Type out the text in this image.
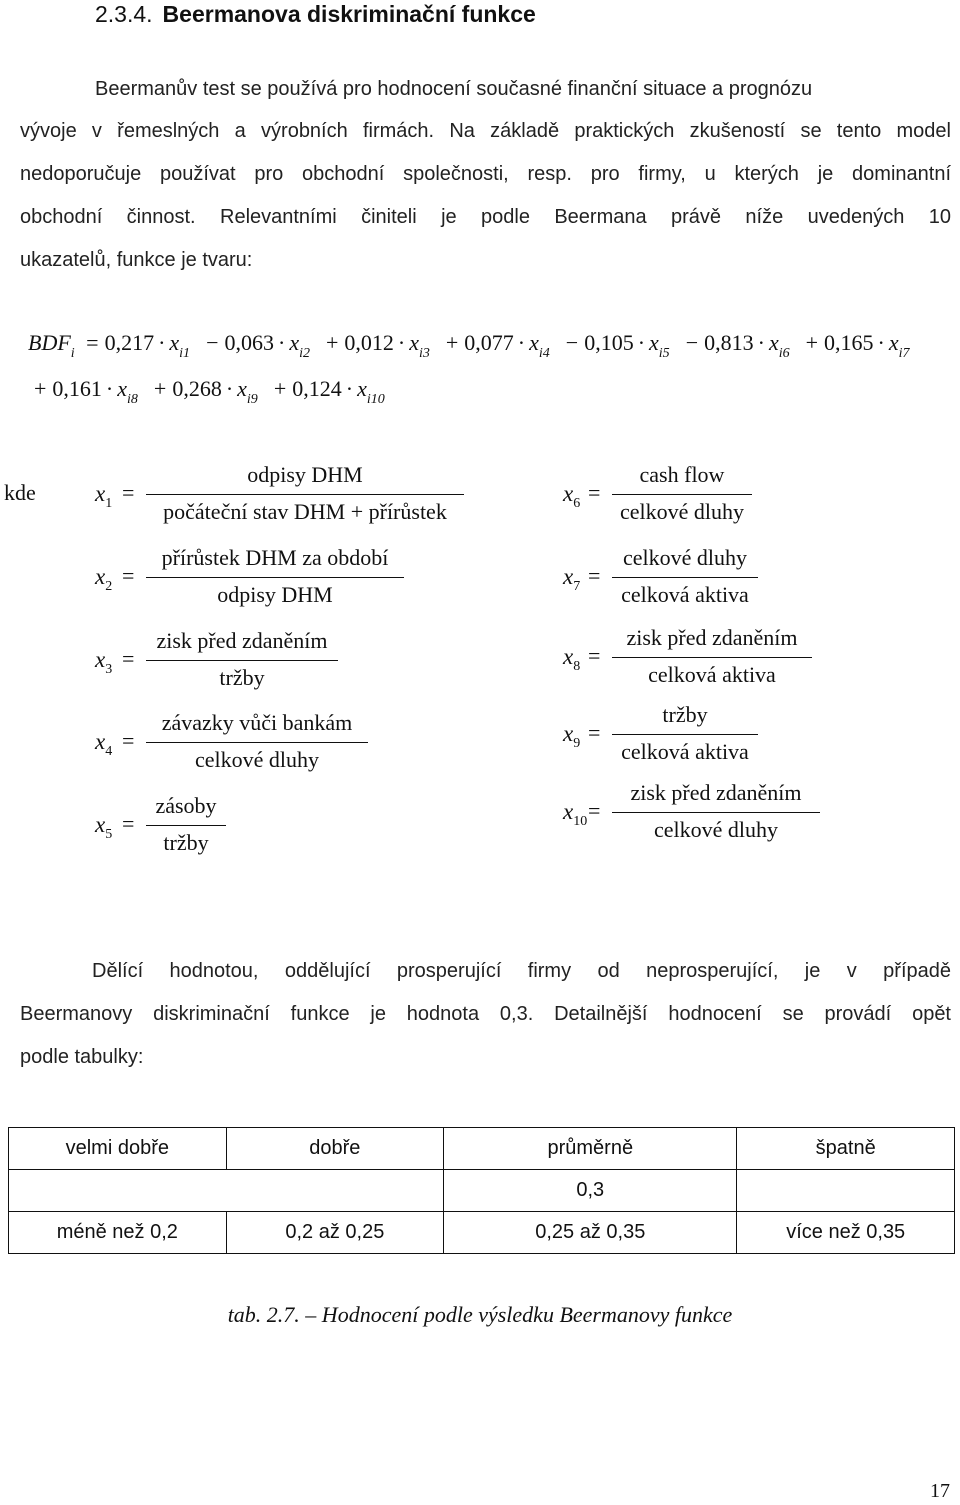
2.3.4. Beermanova diskriminační funkce
Beermanův test se používá pro hodnocení současné finanční situace a prognózu
vývoje v řemeslných a výrobních firmách. Na základě praktických zkušeností se tento model
nedoporučuje používat pro obchodní společnosti, resp. pro firmy, u kterých je dominantní
obchodní činnost. Relevantními činiteli je podle Beermana právě níže uvedených 10
ukazatelů, funkce je tvaru:
$BDF_i = 0,217 \cdot x_{i1} - 0,063 \cdot x_{i2} + 0,012 \cdot x_{i3} + 0,077 \cdot x_{i4} - 0,105 \cdot x_{i5} - 0,813 \cdot x_{i6} + 0,165 \cdot x_{i7}$
+ $0,161 \cdot x_{i8} + 0,268 \cdot x_{i9} + 0,124 \cdot x_{i10}$
kde	$x_1$ =
odpisy DHM
počáteční stav DHM + přírůstek
$x_2$ =
přírůstek DHM za období
odpisy DHM
$x_3$ =
zisk před zdaněním
tržby
$x_4$ =
závazky vůči bankám
celkové dluhy
$x_5$ =
zásoby
tržby
$x_6$ =
cash flow
celkové dluhy
$x_7$ =
celkové dluhy
celková aktiva
$x_8$ =
zisk před zdaněním
celková aktiva
$x_9$ =
tržby
celková aktiva
$x_{10}$ =
zisk před zdaněním
celkové dluhy
Dělící hodnotou, oddělující prosperující firmy od neprosperující, je v případě
Beermanovy diskriminační funkce je hodnota 0,3. Detailnější hodnocení se provádí opět
podle tabulky:
velmi dobře	dobře	průměrně	špatně
		0,3	
méně než 0,2	0,2 až 0,25	0,25 až 0,35	více než 0,35
tab. 2.7. – Hodnocení podle výsledku Beermanovy funkce
17
